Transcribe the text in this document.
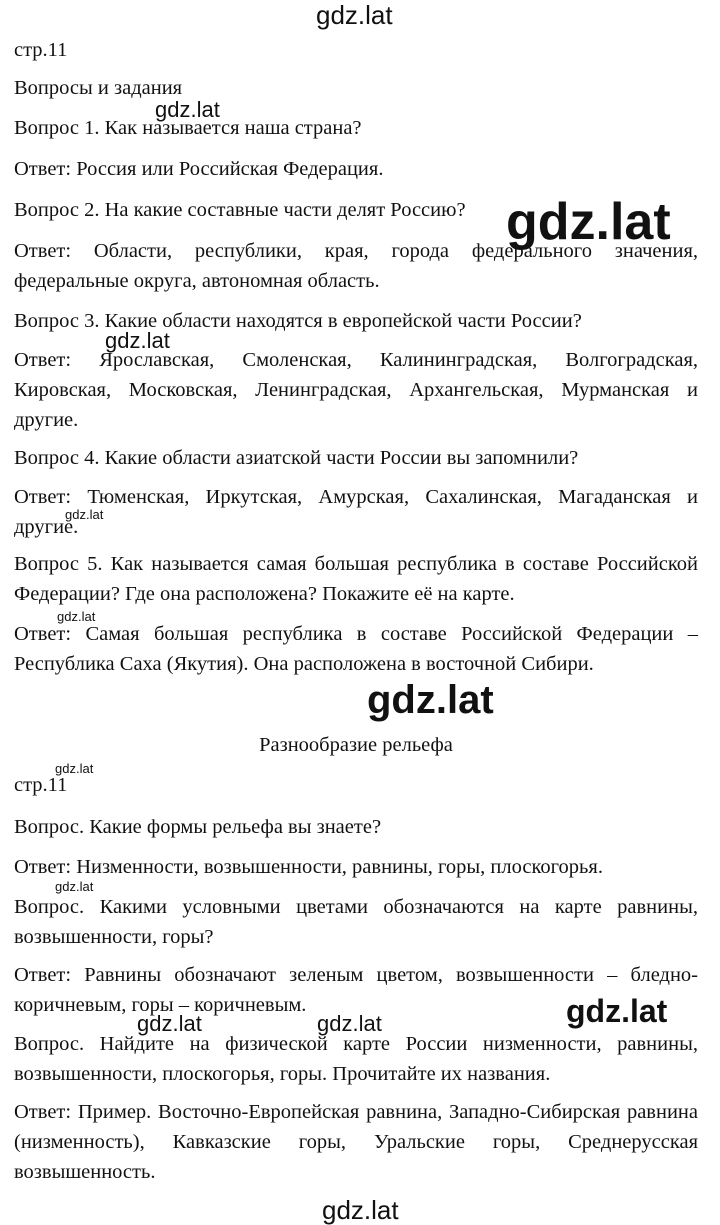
стр.11

Вопросы и задания

Вопрос 1. Как называется наша страна?

Ответ: Россия или Российская Федерация.

Вопрос 2. На какие составные части делят Россию?

Ответ: Области, республики, края, города федерального значения, федеральные округа, автономная область.

Вопрос 3. Какие области находятся в европейской части России?

Ответ: Ярославская, Смоленская, Калининградская, Волгоградская, Кировская, Московская, Ленинградская, Архангельская, Мурманская и другие.

Вопрос 4. Какие области азиатской части России вы запомнили?

Ответ: Тюменская, Иркутская, Амурская, Сахалинская, Магаданская и другие.

Вопрос 5. Как называется самая большая республика в составе Российской Федерации? Где она расположена? Покажите её на карте.

Ответ: Самая большая республика в составе Российской Федерации – Республика Саха (Якутия). Она расположена в восточной Сибири.

Разнообразие рельефа

стр.11

Вопрос. Какие формы рельефа вы знаете?

Ответ: Низменности, возвышенности, равнины, горы, плоскогорья.

Вопрос. Какими условными цветами обозначаются на карте равнины, возвышенности, горы?

Ответ: Равнины обозначают зеленым цветом, возвышенности – бледно-коричневым, горы – коричневым.

Вопрос. Найдите на физической карте России низменности, равнины, возвышенности, плоскогорья, горы. Прочитайте их названия.

Ответ: Пример. Восточно-Европейская равнина, Западно-Сибирская равнина (низменность), Кавказские горы, Уральские горы, Среднерусская возвышенность.

gdz.lat
gdz.lat
gdz.lat
gdz.lat
gdz.lat
gdz.lat
gdz.lat
gdz.lat
gdz.lat
gdz.lat
gdz.lat	gdz.lat
gdz.lat
